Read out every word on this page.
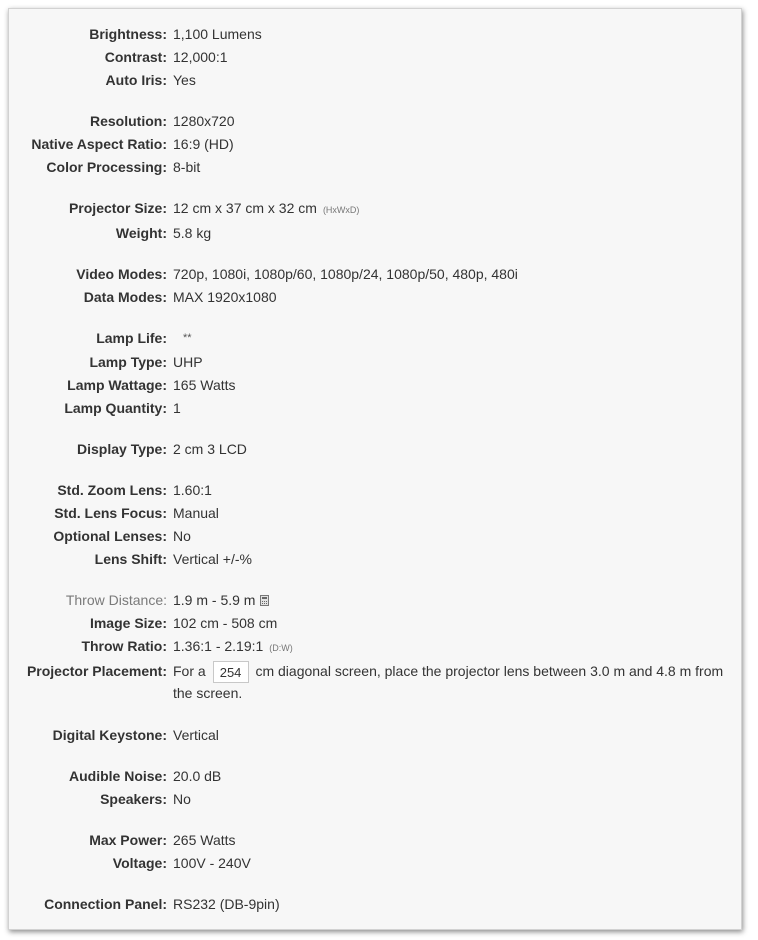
Brightness: 1,100 Lumens
Contrast: 12,000:1
Auto Iris: Yes
Resolution: 1280x720
Native Aspect Ratio: 16:9 (HD)
Color Processing: 8-bit
Projector Size: 12 cm x 37 cm x 32 cm (HxWxD)
Weight: 5.8 kg
Video Modes: 720p, 1080i, 1080p/60, 1080p/24, 1080p/50, 480p, 480i
Data Modes: MAX 1920x1080
Lamp Life: **
Lamp Type: UHP
Lamp Wattage: 165 Watts
Lamp Quantity: 1
Display Type: 2 cm 3 LCD
Std. Zoom Lens: 1.60:1
Std. Lens Focus: Manual
Optional Lenses: No
Lens Shift: Vertical +/-%
Throw Distance: 1.9 m - 5.9 m
Image Size: 102 cm - 508 cm
Throw Ratio: 1.36:1 - 2.19:1 (D:W)
Projector Placement: For a 254	cm diagonal screen, place the projector lens between 3.0 m and 4.8 m from the screen.
Digital Keystone: Vertical
Audible Noise: 20.0 dB
Speakers: No
Max Power: 265 Watts
Voltage: 100V - 240V
Connection Panel: RS232 (DB-9pin)
